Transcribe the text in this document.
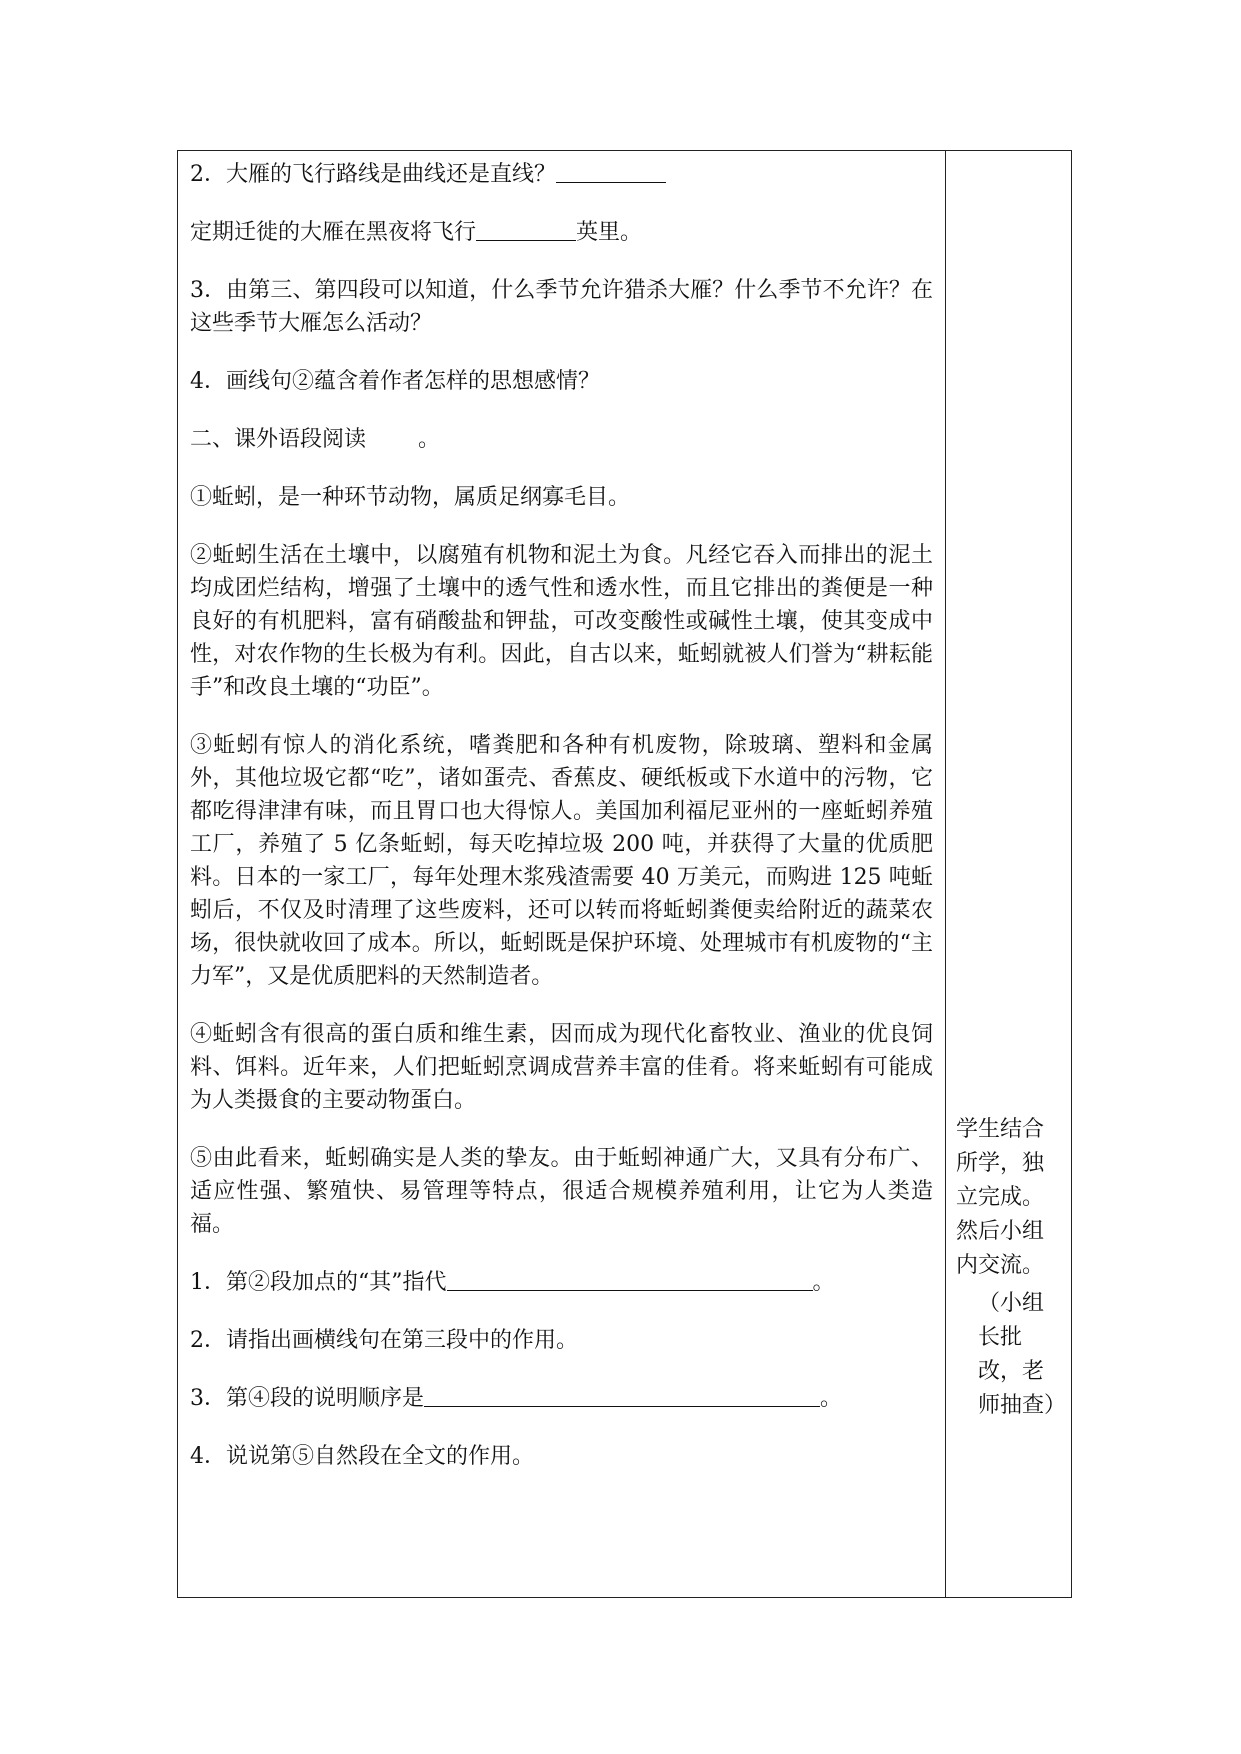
2．大雁的飞行路线是曲线还是直线？

定期迁徙的大雁在黑夜将飞行	英里。

3．由第三、第四段可以知道，什么季节允许猎杀大雁？什么季节不允许？在这些季节大雁怎么活动？

4．画线句②蕴含着作者怎样的思想感情？

二、课外语段阅读 。

①蚯蚓，是一种环节动物，属质足纲寡毛目。

②蚯蚓生活在土壤中，以腐殖有机物和泥土为食。凡经它吞入而排出的泥土均成团烂结构，增强了土壤中的透气性和透水性，而且它排出的粪便是一种良好的有机肥料，富有硝酸盐和钾盐，可改变酸性或碱性土壤，使其变成中性，对农作物的生长极为有利。因此，自古以来，蚯蚓就被人们誉为“耕耘能手”和改良土壤的“功臣”。

③蚯蚓有惊人的消化系统，嗜粪肥和各种有机废物，除玻璃、塑料和金属外，其他垃圾它都“吃”，诸如蛋壳、香蕉皮、硬纸板或下水道中的污物，它都吃得津津有味，而且胃口也大得惊人。美国加利福尼亚州的一座蚯蚓养殖工厂，养殖了 5 亿条蚯蚓，每天吃掉垃圾 200 吨，并获得了大量的优质肥料。日本的一家工厂，每年处理木浆残渣需要 40 万美元，而购进 125 吨蚯蚓后，不仅及时清理了这些废料，还可以转而将蚯蚓粪便卖给附近的蔬菜农场，很快就收回了成本。所以，蚯蚓既是保护环境、处理城市有机废物的“主力军”，又是优质肥料的天然制造者。

④蚯蚓含有很高的蛋白质和维生素，因而成为现代化畜牧业、渔业的优良饲料、饵料。近年来，人们把蚯蚓烹调成营养丰富的佳肴。将来蚯蚓有可能成为人类摄食的主要动物蛋白。

⑤由此看来，蚯蚓确实是人类的挚友。由于蚯蚓神通广大，又具有分布广、适应性强、繁殖快、易管理等特点，很适合规模养殖利用，让它为人类造福。

1．第②段加点的“其”指代	。

2．请指出画横线句在第三段中的作用。

3．第④段的说明顺序是	。

4．说说第⑤自然段在全文的作用。

学生结合所学，独立完成。然后小组内交流。

（小组长批改，老师抽查）
